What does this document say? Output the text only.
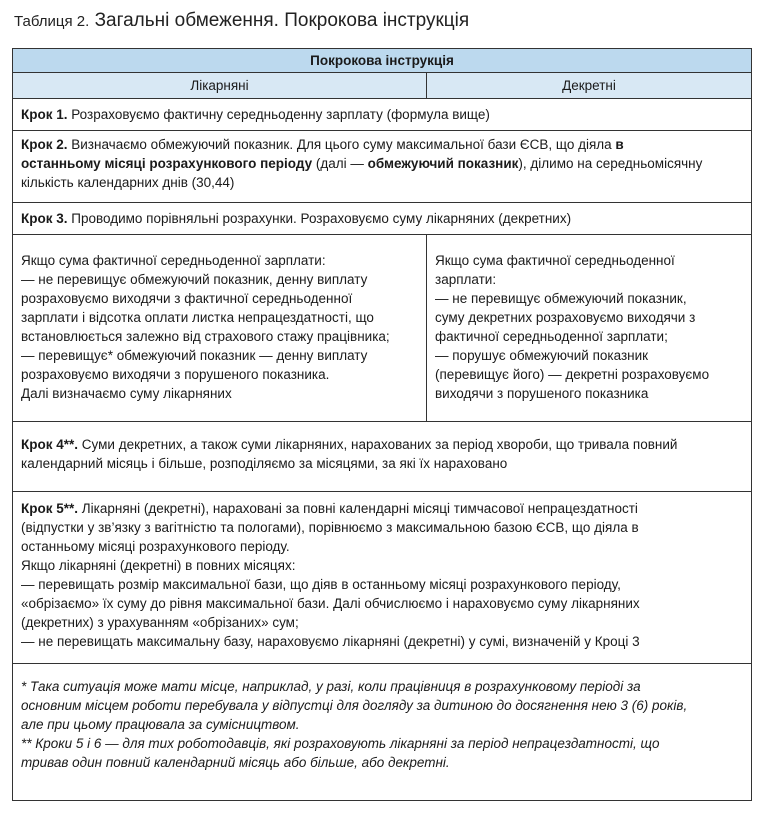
Таблиця 2. Загальні обмеження. Покрокова інструкція
Покрокова інструкція
Лікарняні	Декретні
Крок 1. Розраховуємо фактичну середньоденну зарплату (формула вище)
Крок 2. Визначаємо обмежуючий показник. Для цього суму максимальної бази ЄСВ, що діяла в
останньому місяці розрахункового періоду (далі — обмежуючий показник), ділимо на середньомісячну
кількість календарних днів (30,44)
Крок 3. Проводимо порівняльні розрахунки. Розраховуємо суму лікарняних (декретних)
Якщо сума фактичної середньоденної зарплати:
— не перевищує обмежуючий показник, денну виплату
розраховуємо виходячи з фактичної середньоденної
зарплати і відсотка оплати листка непрацездатності, що
встановлюється залежно від страхового стажу працівника;
— перевищує* обмежуючий показник — денну виплату
розраховуємо виходячи з порушеного показника.
Далі визначаємо суму лікарняних
Якщо сума фактичної середньоденної
зарплати:
— не перевищує обмежуючий показник,
суму декретних розраховуємо виходячи з
фактичної середньоденної зарплати;
— порушує обмежуючий показник
(перевищує його) — декретні розраховуємо
виходячи з порушеного показника
Крок 4**. Суми декретних, а також суми лікарняних, нарахованих за період хвороби, що тривала повний
календарний місяць і більше, розподіляємо за місяцями, за які їх нараховано
Крок 5**. Лікарняні (декретні), нараховані за повні календарні місяці тимчасової непрацездатності
(відпустки у зв’язку з вагітністю та пологами), порівнюємо з максимальною базою ЄСВ, що діяла в
останньому місяці розрахункового періоду.
Якщо лікарняні (декретні) в повних місяцях:
— перевищать розмір максимальної бази, що діяв в останньому місяці розрахункового періоду,
«обрізаємо» їх суму до рівня максимальної бази. Далі обчислюємо і нараховуємо суму лікарняних
(декретних) з урахуванням «обрізаних» сум;
— не перевищать максимальну базу, нараховуємо лікарняні (декретні) у сумі, визначеній у Кроці 3
* Така ситуація може мати місце, наприклад, у разі, коли працівниця в розрахунковому періоді за
основним місцем роботи перебувала у відпустці для догляду за дитиною до досягнення нею 3 (6) років,
але при цьому працювала за сумісництвом.
** Кроки 5 і 6 — для тих роботодавців, які розраховують лікарняні за період непрацездатності, що
тривав один повний календарний місяць або більше, або декретні.
